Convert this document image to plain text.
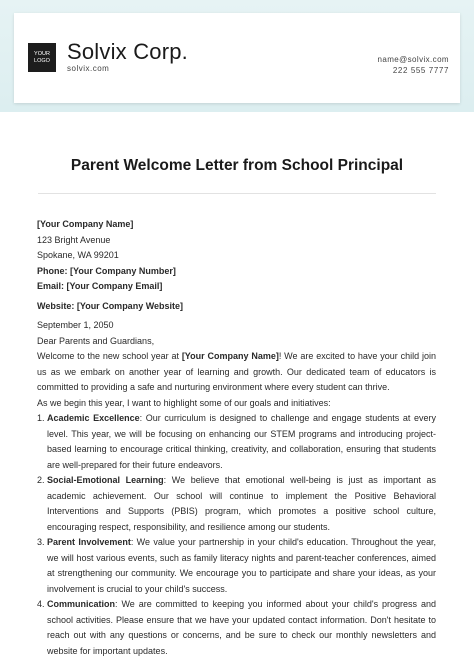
YOUR
LOGO Solvix Corp.
solvix.com
name@solvix.com
222 555 7777
Parent Welcome Letter from School Principal
[Your Company Name]
123 Bright Avenue
Spokane, WA 99201
Phone: [Your Company Number]
Email: [Your Company Email]
Website: [Your Company Website]
September 1, 2050
Dear Parents and Guardians,
Welcome to the new school year at [Your Company Name]! We are excited to have your child join us as we embark on another year of learning and growth. Our dedicated team of educators is committed to providing a safe and nurturing environment where every student can thrive.
As we begin this year, I want to highlight some of our goals and initiatives:
1. Academic Excellence: Our curriculum is designed to challenge and engage students at every level. This year, we will be focusing on enhancing our STEM programs and introducing project-based learning to encourage critical thinking, creativity, and collaboration, ensuring that students are well-prepared for their future endeavors.
2. Social-Emotional Learning: We believe that emotional well-being is just as important as academic achievement. Our school will continue to implement the Positive Behavioral Interventions and Supports (PBIS) program, which promotes a positive school culture, encouraging respect, responsibility, and resilience among our students.
3. Parent Involvement: We value your partnership in your child's education. Throughout the year, we will host various events, such as family literacy nights and parent-teacher conferences, aimed at strengthening our community. We encourage you to participate and share your ideas, as your involvement is crucial to your child's success.
4. Communication: We are committed to keeping you informed about your child's progress and school activities. Please ensure that we have your updated contact information. Don't hesitate to reach out with any questions or concerns, and be sure to check our monthly newsletters and website for important updates.
